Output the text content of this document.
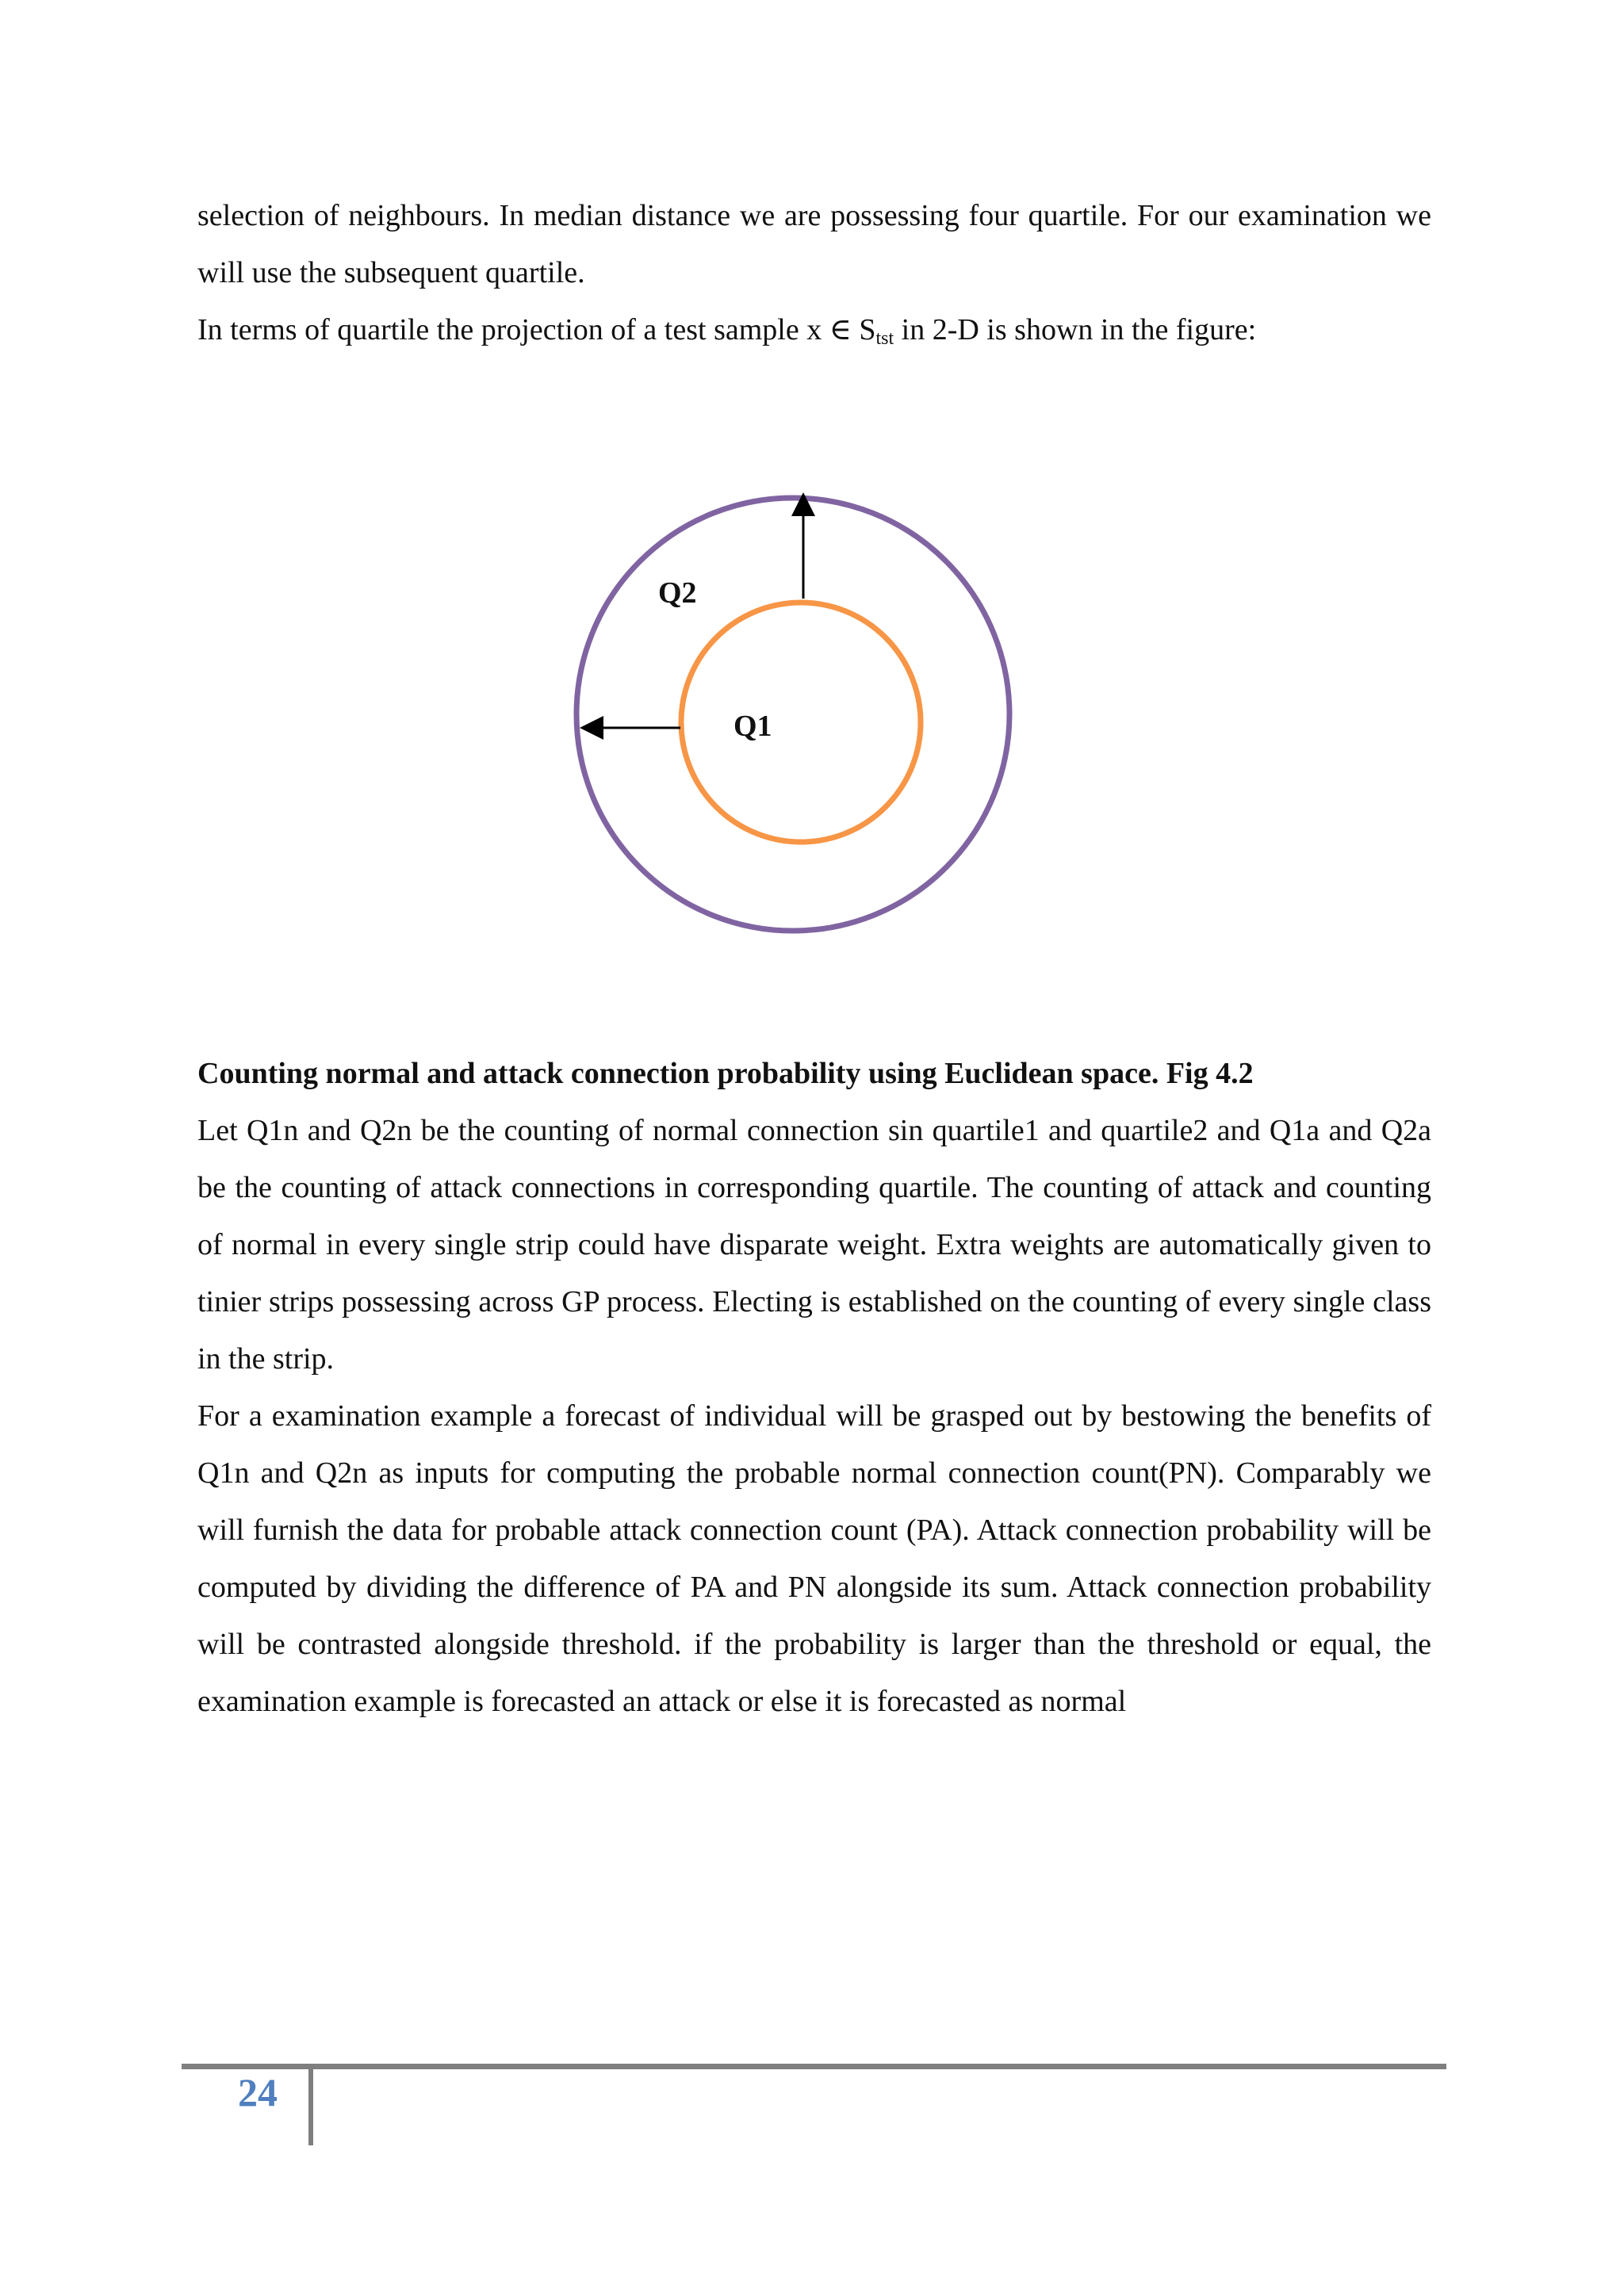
selection of neighbours. In median distance we are possessing four quartile. For our examination we will use the subsequent quartile.

In terms of quartile the projection of a test sample x ∈ $S_{tst}$ in 2-D is shown in the figure:

Q2
Q1

Counting normal and attack connection probability using Euclidean space. Fig 4.2

Let Q1n and Q2n be the counting of normal connection sin quartile1 and quartile2 and Q1a and Q2a be the counting of attack connections in corresponding quartile. The counting of attack and counting of normal in every single strip could have disparate weight. Extra weights are automatically given to tinier strips possessing across GP process. Electing is established on the counting of every single class in the strip.

For a examination example a forecast of individual will be grasped out by bestowing the benefits of Q1n and Q2n as inputs for computing the probable normal connection count(PN). Comparably we will furnish the data for probable attack connection count (PA). Attack connection probability will be computed by dividing the difference of PA and PN alongside its sum. Attack connection probability will be contrasted alongside threshold. if the probability is larger than the threshold or equal, the examination example is forecasted an attack or else it is forecasted as normal

24
